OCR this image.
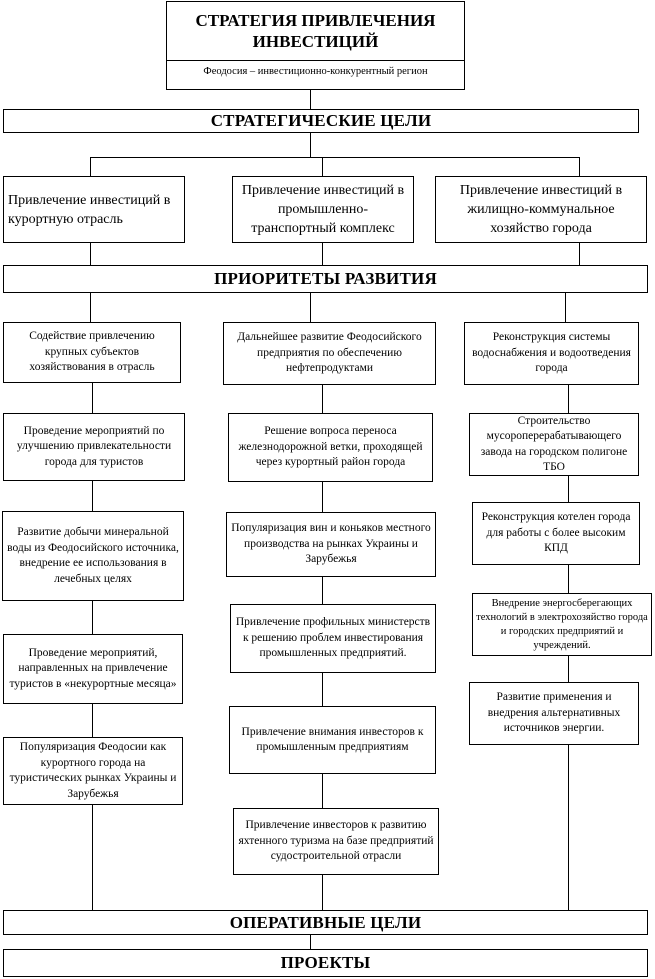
СТРАТЕГИЯ ПРИВЛЕЧЕНИЯ ИНВЕСТИЦИЙ
Феодосия – инвестиционно-конкурентный регион
СТРАТЕГИЧЕСКИЕ ЦЕЛИ
ПРИОРИТЕТЫ РАЗВИТИЯ
ОПЕРАТИВНЫЕ ЦЕЛИ
ПРОЕКТЫ
Привлечение инвестиций в курортную отрасль
Привлечение инвестиций в промышленно-транспортный комплекс
Привлечение инвестиций в жилищно-коммунальное хозяйство города
Содействие привлечению крупных субъектов хозяйствования в отрасль
Проведение мероприятий по улучшению привлекательности города для туристов
Развитие добычи минеральной воды из Феодосийского источника, внедрение ее использования в лечебных целях
Проведение мероприятий, направленных на привлечение туристов в «некурортные месяца»
Популяризация Феодосии как курортного города на туристических рынках Украины и Зарубежья
Дальнейшее развитие Феодосийского предприятия по обеспечению нефтепродуктами
Решение вопроса переноса железнодорожной ветки, проходящей через курортный район города
Популяризация вин и коньяков местного производства на рынках Украины и Зарубежья
Привлечение профильных министерств к решению проблем инвестирования промышленных предприятий.
Привлечение внимания инвесторов к промышленным предприятиям
Привлечение инвесторов к развитию яхтенного туризма на базе предприятий судостроительной отрасли
Реконструкция системы водоснабжения и водоотведения города
Строительство мусороперерабатывающего завода на городском полигоне ТБО
Реконструкция котелен города для работы с более высоким КПД
Внедрение энергосберегающих технологий в электрохозяйство города и городских предприятий и учреждений.
Развитие применения и внедрения альтернативных источников энергии.
